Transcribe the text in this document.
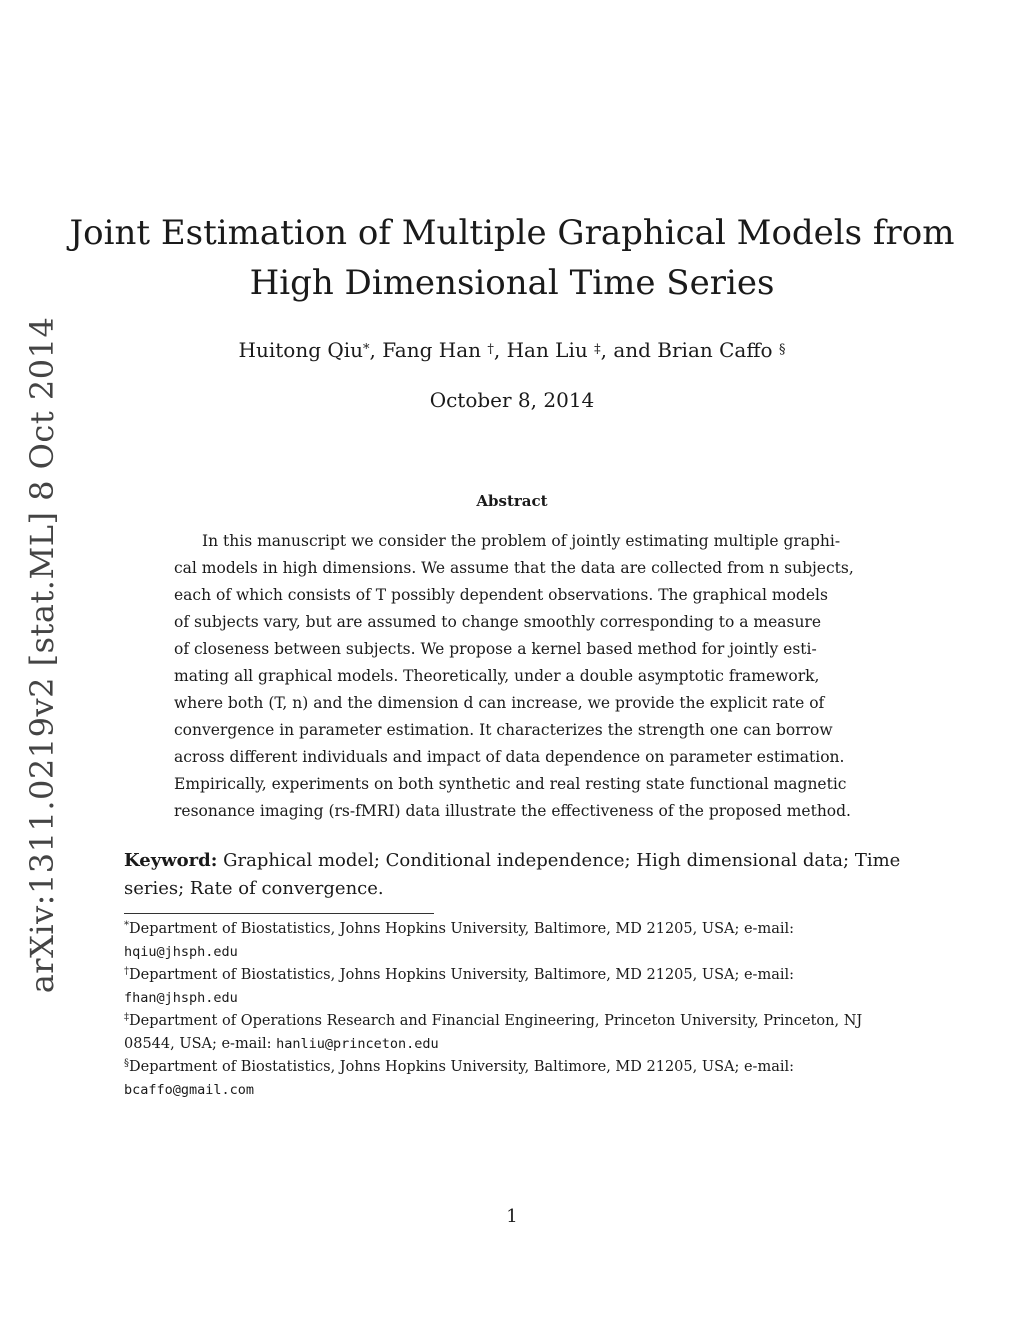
arXiv:1311.0219v2 [stat.ML] 8 Oct 2014
Joint Estimation of Multiple Graphical Models from
High Dimensional Time Series
Huitong Qiu*, Fang Han †, Han Liu ‡, and Brian Caffo §
October 8, 2014
Abstract
In this manuscript we consider the problem of jointly estimating multiple graphi-
cal models in high dimensions. We assume that the data are collected from n subjects,
each of which consists of T possibly dependent observations. The graphical models
of subjects vary, but are assumed to change smoothly corresponding to a measure
of closeness between subjects. We propose a kernel based method for jointly esti-
mating all graphical models. Theoretically, under a double asymptotic framework,
where both (T, n) and the dimension d can increase, we provide the explicit rate of
convergence in parameter estimation. It characterizes the strength one can borrow
across different individuals and impact of data dependence on parameter estimation.
Empirically, experiments on both synthetic and real resting state functional magnetic
resonance imaging (rs-fMRI) data illustrate the effectiveness of the proposed method.
Keyword: Graphical model; Conditional independence; High dimensional data; Time
series; Rate of convergence.
*Department of Biostatistics, Johns Hopkins University, Baltimore, MD 21205, USA; e-mail:
hqiu@jhsph.edu
†Department of Biostatistics, Johns Hopkins University, Baltimore, MD 21205, USA; e-mail:
fhan@jhsph.edu
‡Department of Operations Research and Financial Engineering, Princeton University, Princeton, NJ
08544, USA; e-mail: hanliu@princeton.edu
§Department of Biostatistics, Johns Hopkins University, Baltimore, MD 21205, USA; e-mail:
bcaffo@gmail.com
1
